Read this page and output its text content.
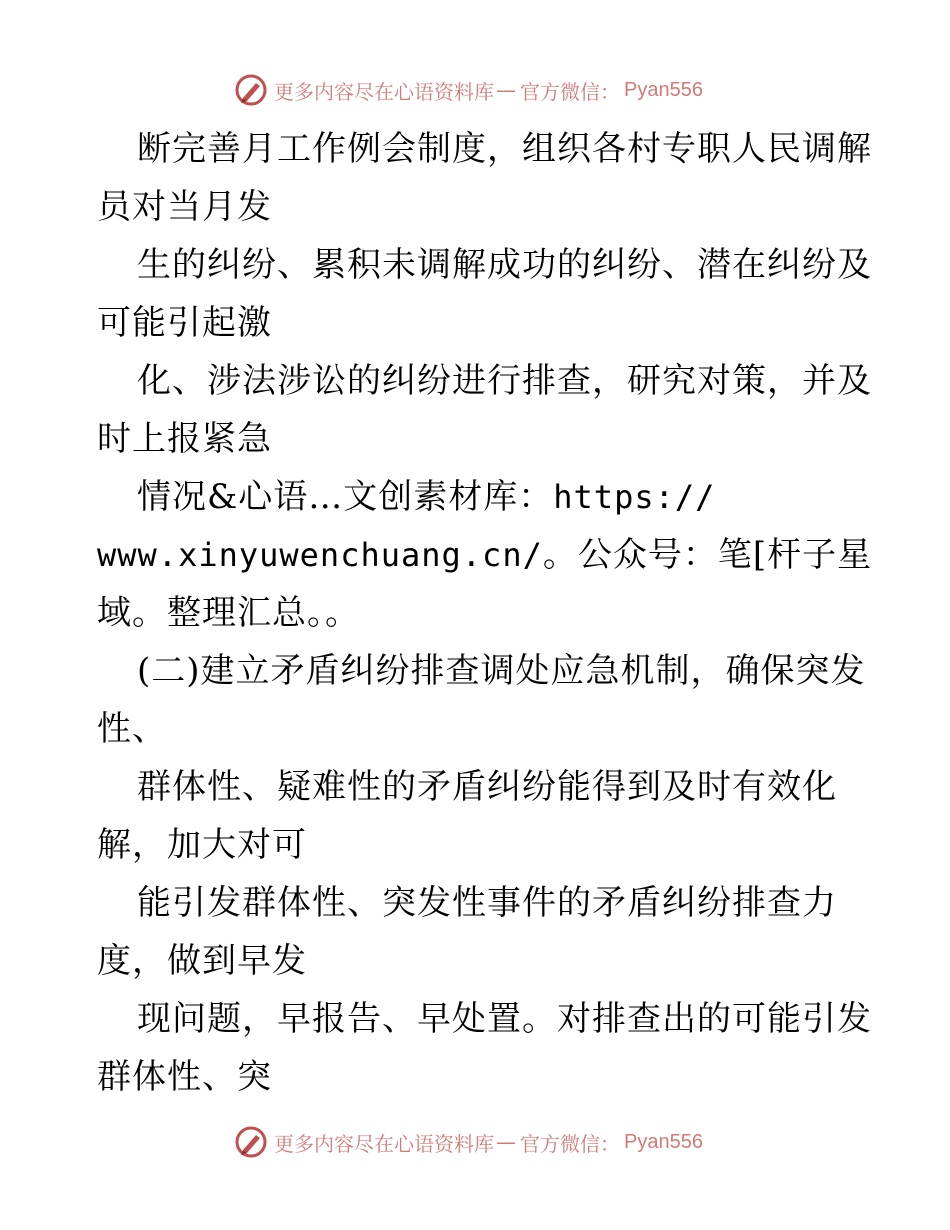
更多内容尽在心语资料库 — 官方微信： Pyan556
断完善月工作例会制度，组织各村专职人民调解
员对当月发
生的纠纷、累积未调解成功的纠纷、潜在纠纷及
可能引起激
化、涉法涉讼的纠纷进行排查，研究对策，并及
时上报紧急
情况&心语…文创素材库：https://
www.xinyuwenchuang.cn/。公众号：笔[杆子星
域。整理汇总。。
(二)建立矛盾纠纷排查调处应急机制，确保突发
性、
群体性、疑难性的矛盾纠纷能得到及时有效化
解，加大对可
能引发群体性、突发性事件的矛盾纠纷排查力
度，做到早发
现问题，早报告、早处置。对排查出的可能引发
群体性、突
更多内容尽在心语资料库 — 官方微信： Pyan556
